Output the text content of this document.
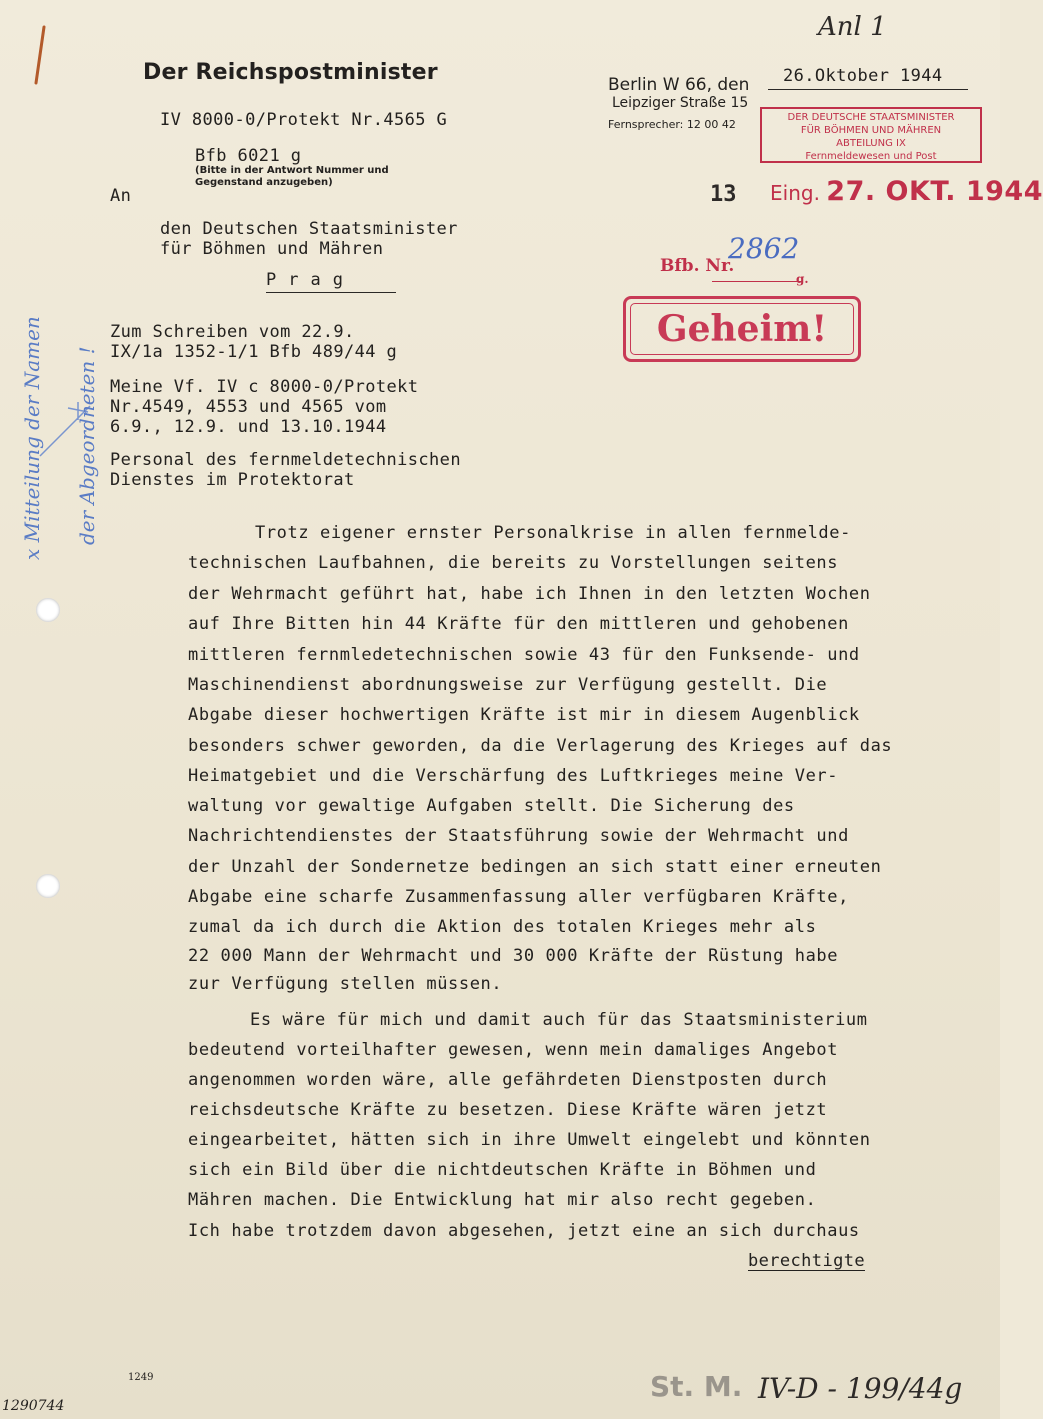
Der Reichspostminister
IV 8000-0/Protekt Nr.4565 G
Bfb 6021 g
(Bitte in der Antwort Nummer und Gegenstand anzugeben)
Berlin W 66, den 26.Oktober 1944
Leipziger Straße 15
Fernsprecher: 12 00 42
An
den Deutschen Staatsminister
für Böhmen und Mähren
Prag
Zum Schreiben vom 22.9.
IX/1a 1352-1/1 Bfb 489/44 g
Meine Vf. IV c 8000-0/Protekt
Nr.4549, 4553 und 4565 vom
6.9., 12.9. und 13.10.1944
Personal des fernmeldetechnischen
Dienstes im Protektorat
DER DEUTSCHE STAATSMINISTER
FÜR BÖHMEN UND MÄHREN
ABTEILUNG IX
Fernmeldewesen und Post
13 Eing. 27. OKT. 1944
Bfb. Nr.
2862
g.
Geheim!
Anl 1
x Mitteilung der Namen der Abgeordneten !	Trotz eigener ernster Personalkrise in allen fernmelde-
technischen Laufbahnen, die bereits zu Vorstellungen seitens
der Wehrmacht geführt hat, habe ich Ihnen in den letzten Wochen
auf Ihre Bitten hin 44 Kräfte für den mittleren und gehobenen
mittleren fernmledetechnischen sowie 43 für den Funksende- und
Maschinendienst abordnungsweise zur Verfügung gestellt. Die
Abgabe dieser hochwertigen Kräfte ist mir in diesem Augenblick
besonders schwer geworden, da die Verlagerung des Krieges auf das
Heimatgebiet und die Verschärfung des Luftkrieges meine Ver-
waltung vor gewaltige Aufgaben stellt. Die Sicherung des
Nachrichtendienstes der Staatsführung sowie der Wehrmacht und
der Unzahl der Sondernetze bedingen an sich statt einer erneuten
Abgabe eine scharfe Zusammenfassung aller verfügbaren Kräfte,
zumal da ich durch die Aktion des totalen Krieges mehr als
22 000 Mann der Wehrmacht und 30 000 Kräfte der Rüstung habe
zur Verfügung stellen müssen.
Es wäre für mich und damit auch für das Staatsministerium
bedeutend vorteilhafter gewesen, wenn mein damaliges Angebot
angenommen worden wäre, alle gefährdeten Dienstposten durch
reichsdeutsche Kräfte zu besetzen. Diese Kräfte wären jetzt
eingearbeitet, hätten sich in ihre Umwelt eingelebt und könnten
sich ein Bild über die nichtdeutschen Kräfte in Böhmen und
Mähren machen. Die Entwicklung hat mir also recht gegeben.
Ich habe trotzdem davon abgesehen, jetzt eine an sich durchaus
berechtigte
1249
1290744
St. M. IV-D - 199/44g
